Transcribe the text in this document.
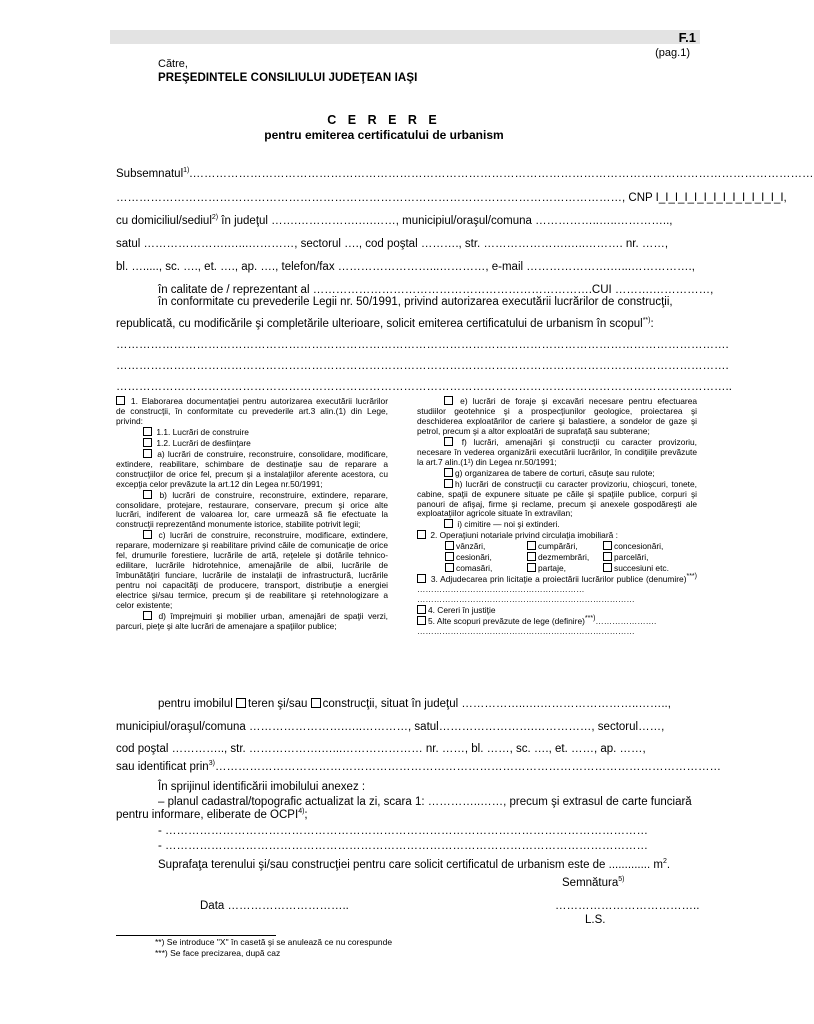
F.1
(pag.1)
Către,
PREŞEDINTELE CONSILIULUI JUDEŢEAN IAŞI
C E R E R E
pentru emiterea certificatului de urbanism
Subsemnatul$^{1)}$.………………………………………………………………………………………………………………………………………………
……………………………………………………………………………………………………………………, CNP I_I_I_I_I_I_I_I_I_I_I_I_I_I,
cu domiciliul/sediul$^{2)}$ în judeţul …….…………….….……, municipiul/oraşul/comuna ……………..…..…………..,
satul ………………….…...…………, sectorul …., cod poştal ………., str. ………………….…..………. nr. ……,
bl. …....., sc. …., et. …., ap. …., telefon/fax ……………………...…………, e-mail ………………….…...…………….,
în calitate de / reprezentant al ……………………………………………………………….CUI ……….……………,
în conformitate cu prevederile Legii nr. 50/1991, privind autorizarea executării lucrărilor de construcţii,
republicată, cu modificările şi completările ulterioare, solicit emiterea certificatului de urbanism în scopul**):
…………………………………………………………………………………………………………………………………………….
…………………………………………………………………………………………………………………………………………….
……………………………………………………………………………………………………………………………………………..

1. Elaborarea documentaţiei pentru autorizarea executării lucrărilor de construcţii, în conformitate cu prevederile art.3 alin.(1) din Lege, privind:

1.1. Lucrări de construire

1.2. Lucrări de desfiinţare

a) lucrări de construire, reconstruire, consolidare, modificare, extindere, reabilitare, schimbare de destinaţie sau de reparare a construcţiilor de orice fel, precum şi a instalaţiilor aferente acestora, cu excepţia celor prevăzute la art.12 din Legea nr.50/1991;

b) lucrări de construire, reconstruire, extindere, reparare, consolidare, protejare, restaurare, conservare, precum şi orice alte lucrări, indiferent de valoarea lor, care urmează să fie efectuate la construcţii reprezentând monumente istorice, stabilite potrivit legii;

c) lucrări de construire, reconstruire, modificare, extindere, reparare, modernizare şi reabilitare privind căile de comunicaţie de orice fel, drumurile forestiere, lucrările de artă, reţelele şi dotările tehnico-edilitare, lucrările hidrotehnice, amenajările de albii, lucrările de îmbunătăţiri funciare, lucrările de instalaţii de infrastructură, lucrările pentru noi capacităţi de producere, transport, distribuţie a energiei electrice şi/sau termice, precum şi de reabilitare şi retehnologizare a celor existente;

d) împrejmuiri şi mobilier urban, amenajări de spaţii verzi, parcuri, pieţe şi alte lucrări de amenajare a spaţiilor publice;

e) lucrări de foraje şi excavări necesare pentru efectuarea studiilor geotehnice şi a prospecţiunilor geologice, proiectarea şi deschiderea exploatărilor de cariere şi balastiere, a sondelor de gaze şi petrol, precum şi a altor exploatări de suprafaţă sau subterane;

f) lucrări, amenajări şi construcţii cu caracter provizoriu, necesare în vederea organizării executării lucrărilor, în condiţiile prevăzute la art.7 alin.(1¹) din Legea nr.50/1991;

g) organizarea de tabere de corturi, căsuţe sau rulote;

h) lucrări de construcţii cu caracter provizoriu, chioşcuri, tonete, cabine, spaţii de expunere situate pe căile şi spaţiile publice, corpuri şi panouri de afişaj, firme şi reclame, precum şi anexele gospodăreşti ale exploataţiilor agricole situate în extravilan;

i) cimitire — noi şi extinderi.

2. Operaţiuni notariale privind circulaţia imobiliară :

vânzări,	cumpărări,	concesionări,
cesionări,	dezmembrări,	parcelări,
comasări,	partaje,	succesiuni etc.

3. Adjudecarea prin licitaţie a proiectării lucrărilor publice (denumire)***) ……………………………………………………

……………………………………………………………………

4. Cereri în justiţie

5. Alte scopuri prevăzute de lege (definire)***)………………….

……………………………………………………………………

pentru imobilul teren şi/sau construcţii, situat în judeţul ……………..….……………………..……..,
municipiul/oraşul/comuna …………………….…..…………, satul…………………….……………, sectorul……,
cod poştal ………….., str. ……………….…...………………… nr. ……, bl. ……, sc. …., et. ……, ap. ……,
sau identificat prin$^{3)}$……………………………………………………………………………………………………………………
În sprijinul identificării imobilului anexez :
– planul cadastral/topografic actualizat la zi, scara 1: …………..……, precum şi extrasul de carte funciară
pentru informare, eliberate de OCPI$^{4)}$;
- ………………………………………………………………………………………………………………
- ………………………………………………………………………………………………………………
Suprafaţa terenului şi/sau construcţiei pentru care solicit certificatul de urbanism este de ............. $m^2$.
Semnătura$^{5)}$
Data …………………………..	………………………………..
L.S.
**) Se introduce "X" în casetă şi se anulează ce nu corespunde
***) Se face precizarea, după caz
